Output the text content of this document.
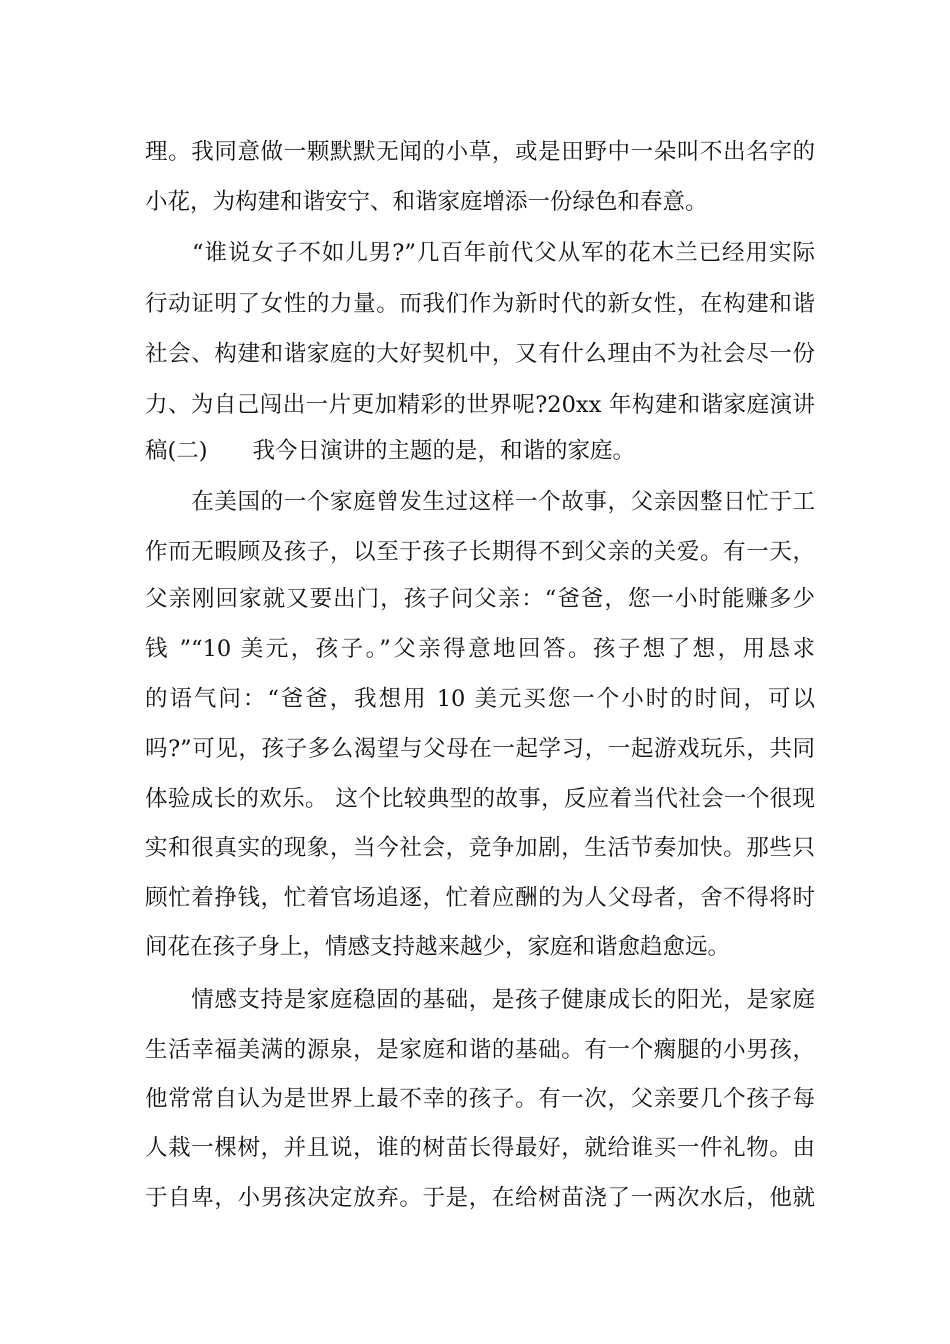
理。我同意做一颗默默无闻的小草，或是田野中一朵叫不出名字的
小花，为构建和谐安宁、和谐家庭增添一份绿色和春意。
　　“谁说女子不如儿男?”几百年前代父从军的花木兰已经用实际
行动证明了女性的力量。而我们作为新时代的新女性，在构建和谐
社会、构建和谐家庭的大好契机中，又有什么理由不为社会尽一份
力、为自己闯出一片更加精彩的世界呢?20xx 年构建和谐家庭演讲
稿(二)　　我今日演讲的主题的是，和谐的家庭。
　　在美国的一个家庭曾发生过这样一个故事，父亲因整日忙于工
作而无暇顾及孩子，以至于孩子长期得不到父亲的关爱。有一天，
父亲刚回家就又要出门，孩子问父亲：“爸爸，您一小时能赚多少
钱 ”“10 美元，孩子。”父亲得意地回答。孩子想了想，用恳求
的语气问：“爸爸，我想用 10 美元买您一个小时的时间，可以
吗?”可见，孩子多么渴望与父母在一起学习，一起游戏玩乐，共同
体验成长的欢乐。 这个比较典型的故事，反应着当代社会一个很现
实和很真实的现象，当今社会，竞争加剧，生活节奏加快。那些只
顾忙着挣钱，忙着官场追逐，忙着应酬的为人父母者，舍不得将时
间花在孩子身上，情感支持越来越少，家庭和谐愈趋愈远。
　　情感支持是家庭稳固的基础，是孩子健康成长的阳光，是家庭
生活幸福美满的源泉，是家庭和谐的基础。有一个瘸腿的小男孩，
他常常自认为是世界上最不幸的孩子。有一次，父亲要几个孩子每
人栽一棵树，并且说，谁的树苗长得最好，就给谁买一件礼物。由
于自卑，小男孩决定放弃。于是，在给树苗浇了一两次水后，他就
